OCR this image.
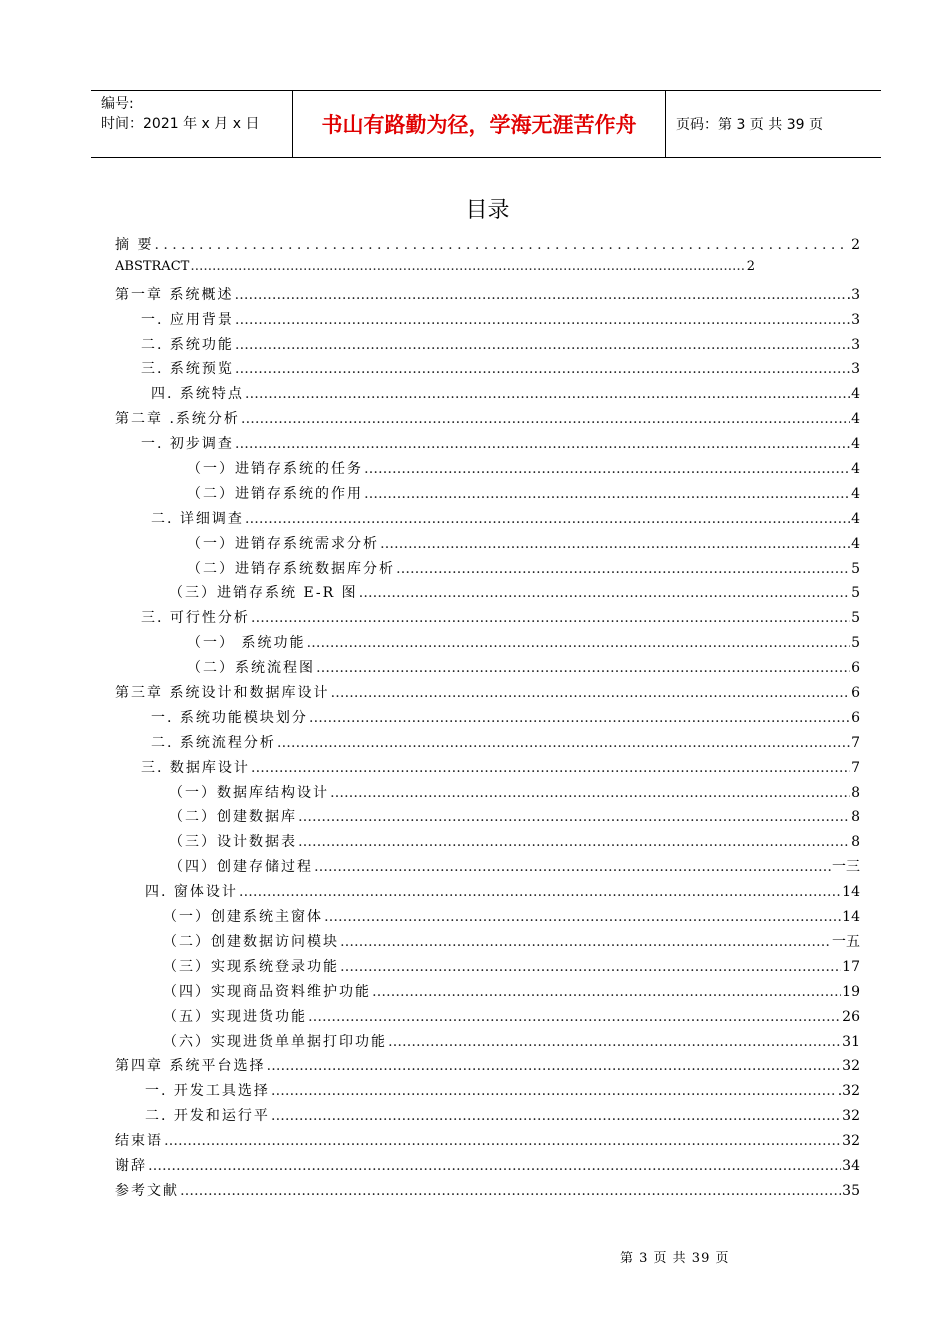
编号:
时间：2021 年 x 月 x 日	书山有路勤为径，学海无涯苦作舟	页码：第 3 页 共 39 页
目录
摘 要 . . .	2
ABSTRACT …………………………………………………………………………………………………………………………………………………………………………………………………………………………………………	2
第一章 系统概述 …………………………………………………………………………………………………………………………………………………………………………………………………………………………………………	.3
一. 应用背景 …………………………………………………………………………………………………………………………………………………………………………………………………………………………………………	3
二. 系统功能 …………………………………………………………………………………………………………………………………………………………………………………………………………………………………………	3
三. 系统预览 …………………………………………………………………………………………………………………………………………………………………………………………………………………………………………	3
四. 系统特点 …………………………………………………………………………………………………………………………………………………………………………………………………………………………………………	4
第二章 .系统分析 …………………………………………………………………………………………………………………………………………………………………………………………………………………………………………	4
一. 初步调查 …………………………………………………………………………………………………………………………………………………………………………………………………………………………………………	4
（一）进销存系统的任务 …………………………………………………………………………………………………………………………………………………………………………………………………………………………………………	4
（二）进销存系统的作用 …………………………………………………………………………………………………………………………………………………………………………………………………………………………………………	4
二. 详细调查 …………………………………………………………………………………………………………………………………………………………………………………………………………………………………………	4
（一）进销存系统需求分析 …………………………………………………………………………………………………………………………………………………………………………………………………………………………………………	4
（二）进销存系统数据库分析 …………………………………………………………………………………………………………………………………………………………………………………………………………………………………………	5
（三）进销存系统 E-R 图 …………………………………………………………………………………………………………………………………………………………………………………………………………………………………………	5
三. 可行性分析 …………………………………………………………………………………………………………………………………………………………………………………………………………………………………………	5
（一） 系统功能 …………………………………………………………………………………………………………………………………………………………………………………………………………………………………………	5
（二）系统流程图 …………………………………………………………………………………………………………………………………………………………………………………………………………………………………………	6
第三章 系统设计和数据库设计 …………………………………………………………………………………………………………………………………………………………………………………………………………………………………………	6
一. 系统功能模块划分 …………………………………………………………………………………………………………………………………………………………………………………………………………………………………………	6
二. 系统流程分析 …………………………………………………………………………………………………………………………………………………………………………………………………………………………………………	7
三. 数据库设计 …………………………………………………………………………………………………………………………………………………………………………………………………………………………………………	7
（一）数据库结构设计 …………………………………………………………………………………………………………………………………………………………………………………………………………………………………………	8
（二）创建数据库 …………………………………………………………………………………………………………………………………………………………………………………………………………………………………………	8
（三）设计数据表 …………………………………………………………………………………………………………………………………………………………………………………………………………………………………………	8
（四）创建存储过程 …………………………………………………………………………………………………………………………………………………………………………………………………………………………………………	一三
四. 窗体设计 …………………………………………………………………………………………………………………………………………………………………………………………………………………………………………	14
（一）创建系统主窗体 …………………………………………………………………………………………………………………………………………………………………………………………………………………………………………	14
（二）创建数据访问模块 …………………………………………………………………………………………………………………………………………………………………………………………………………………………………………	一五
（三）实现系统登录功能 …………………………………………………………………………………………………………………………………………………………………………………………………………………………………………	17
（四）实现商品资料维护功能 …………………………………………………………………………………………………………………………………………………………………………………………………………………………………………	19
（五）实现进货功能 …………………………………………………………………………………………………………………………………………………………………………………………………………………………………………	26
（六）实现进货单单据打印功能 …………………………………………………………………………………………………………………………………………………………………………………………………………………………………………	31
第四章 系统平台选择 …………………………………………………………………………………………………………………………………………………………………………………………………………………………………………	32
一. 开发工具选择 …………………………………………………………………………………………………………………………………………………………………………………………………………………………………………	.32
二. 开发和运行平 …………………………………………………………………………………………………………………………………………………………………………………………………………………………………………	32
结束语 …………………………………………………………………………………………………………………………………………………………………………………………………………………………………………	32
谢辞 …………………………………………………………………………………………………………………………………………………………………………………………………………………………………………	34
参考文献 …………………………………………………………………………………………………………………………………………………………………………………………………………………………………………	35
第 3 页 共 39 页
